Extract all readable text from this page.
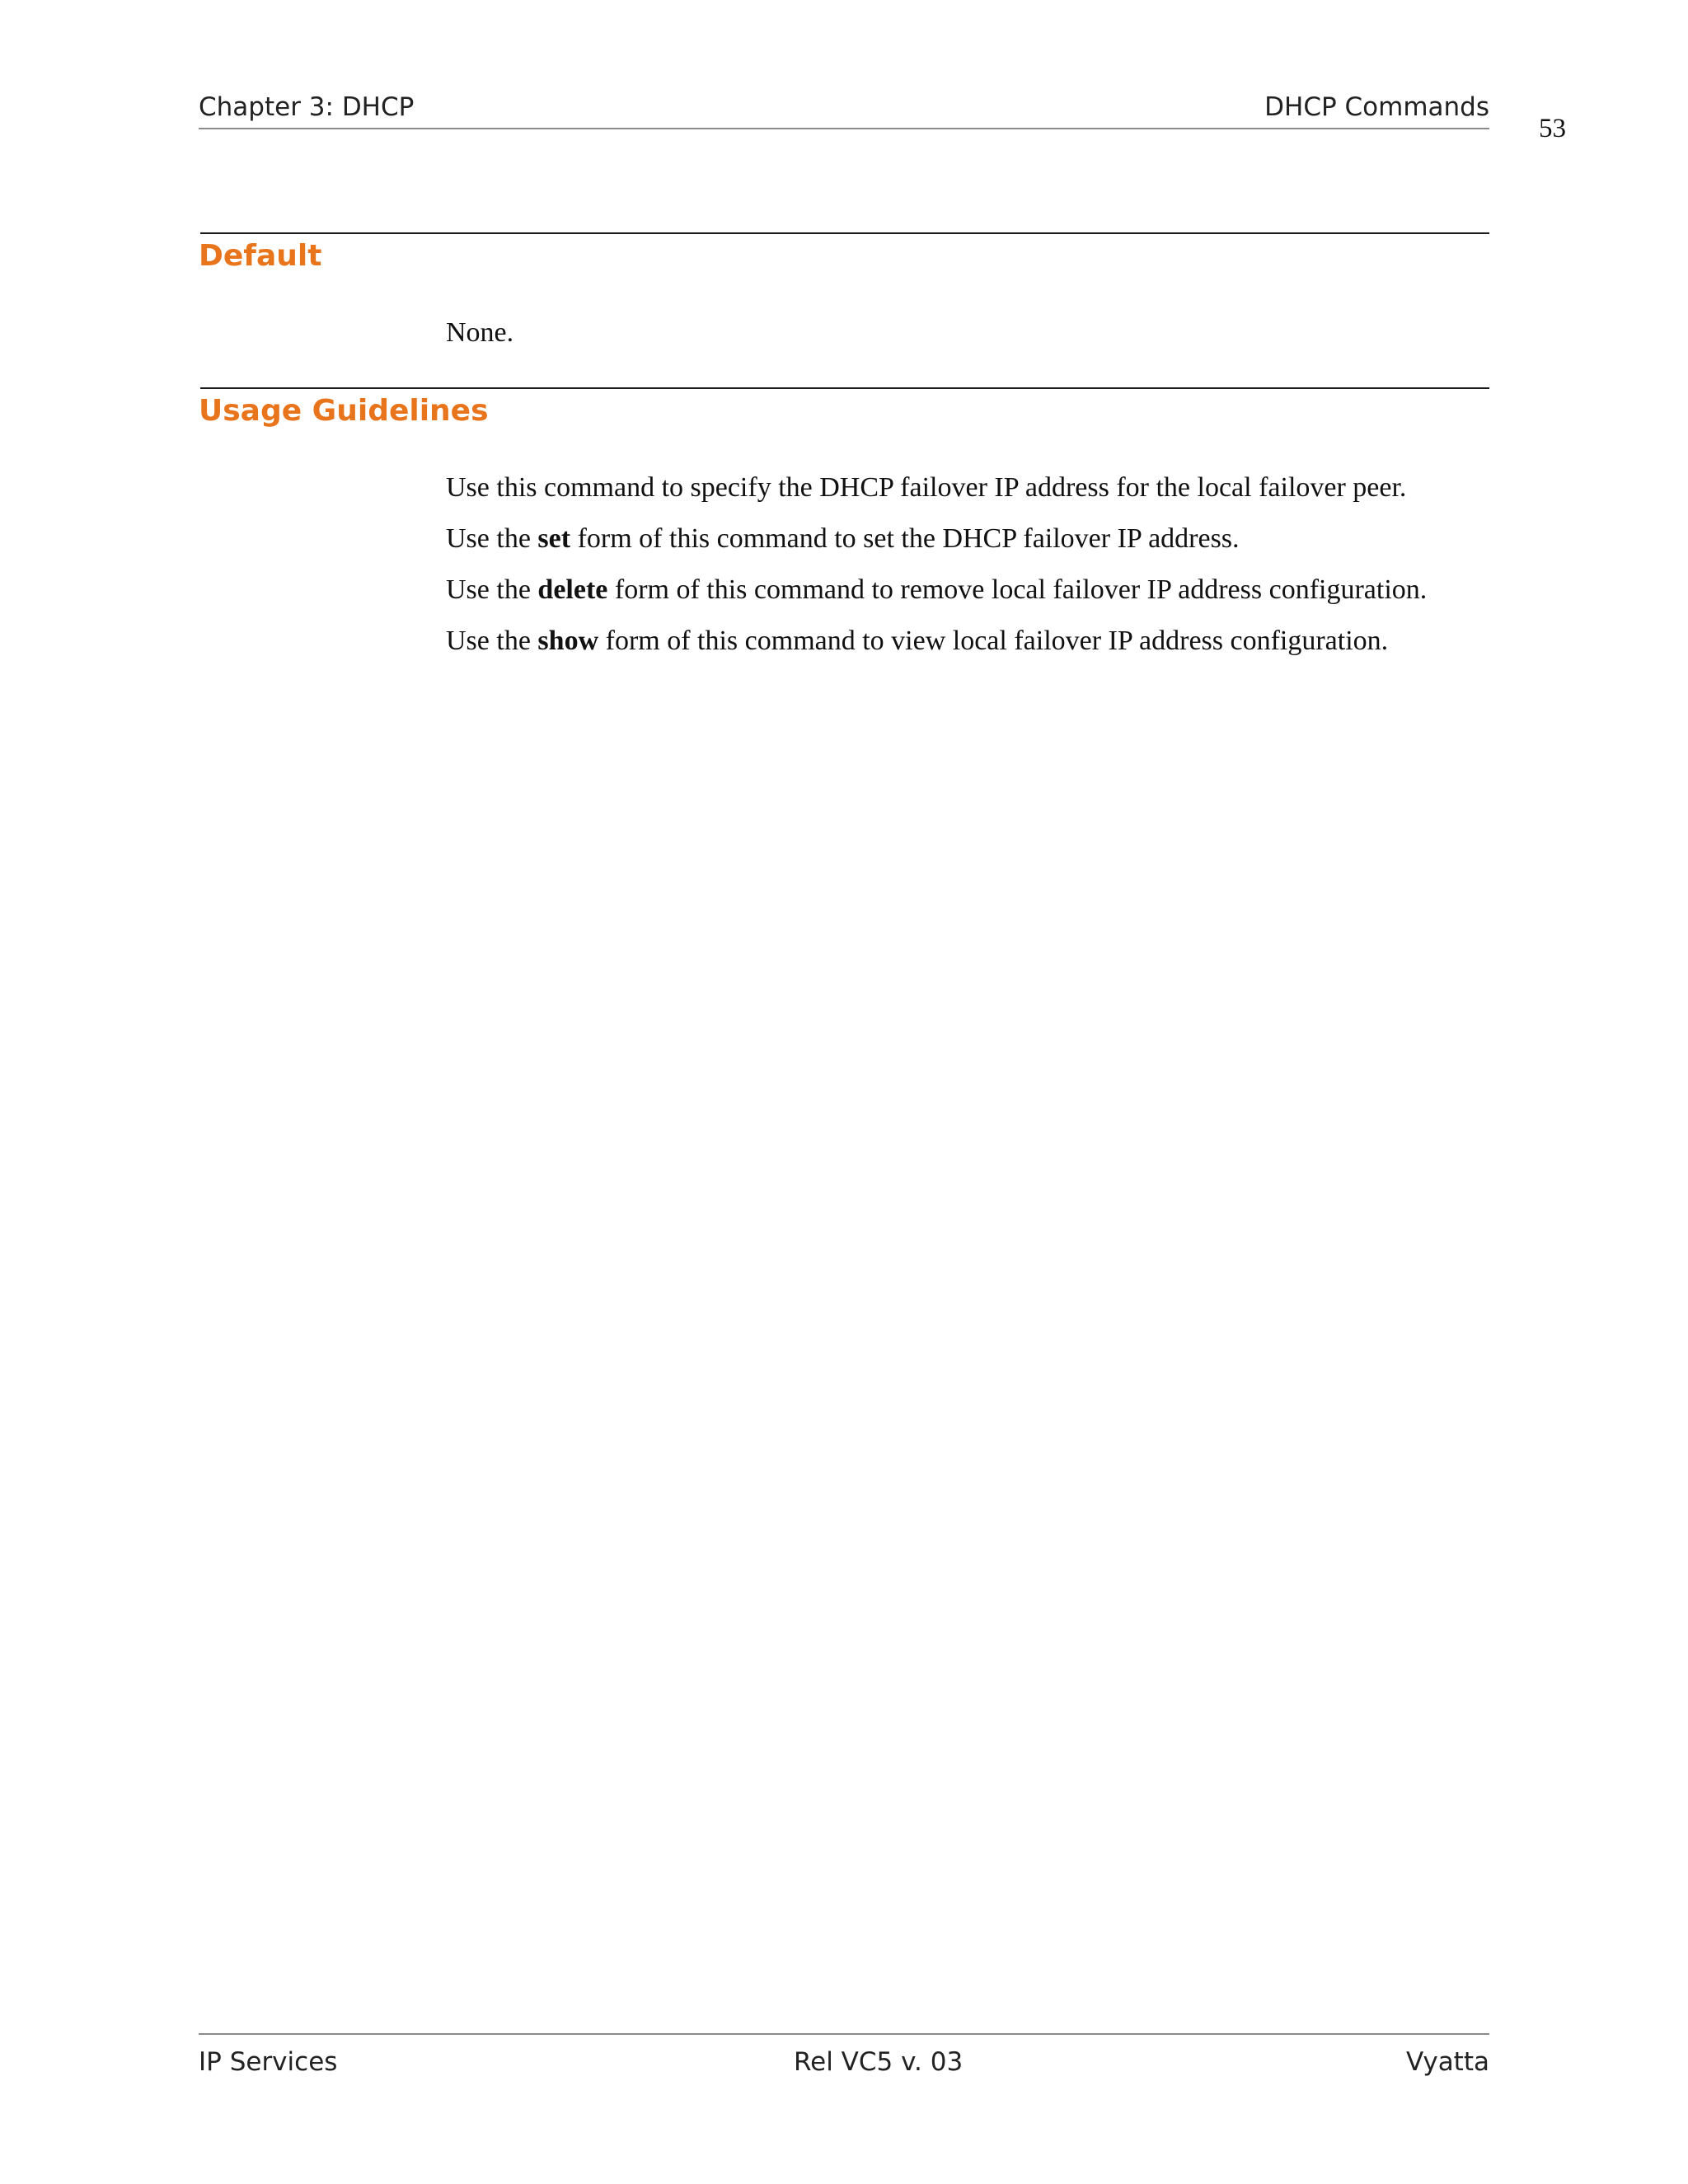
Chapter 3: DHCP	DHCP Commands
53
Default
None.
Usage Guidelines
Use this command to specify the DHCP failover IP address for the local failover peer.
Use the set form of this command to set the DHCP failover IP address.
Use the delete form of this command to remove local failover IP address configuration.
Use the show form of this command to view local failover IP address configuration.
IP Services	Rel VC5 v. 03	Vyatta
